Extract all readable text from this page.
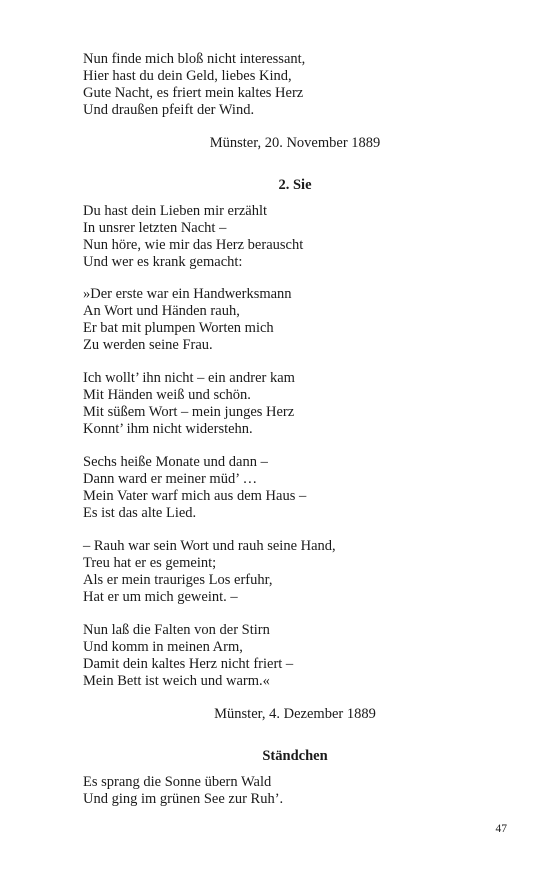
Nun finde mich bloß nicht interessant,
Hier hast du dein Geld, liebes Kind,
Gute Nacht, es friert mein kaltes Herz
Und draußen pfeift der Wind.
Münster, 20. November 1889
2. Sie
Du hast dein Lieben mir erzählt
In unsrer letzten Nacht –
Nun höre, wie mir das Herz berauscht
Und wer es krank gemacht:
»Der erste war ein Handwerksmann
An Wort und Händen rauh,
Er bat mit plumpen Worten mich
Zu werden seine Frau.
Ich wollt’ ihn nicht – ein andrer kam
Mit Händen weiß und schön.
Mit süßem Wort – mein junges Herz
Konnt’ ihm nicht widerstehn.
Sechs heiße Monate und dann –
Dann ward er meiner müd’ …
Mein Vater warf mich aus dem Haus –
Es ist das alte Lied.
– Rauh war sein Wort und rauh seine Hand,
Treu hat er es gemeint;
Als er mein trauriges Los erfuhr,
Hat er um mich geweint. –
Nun laß die Falten von der Stirn
Und komm in meinen Arm,
Damit dein kaltes Herz nicht friert –
Mein Bett ist weich und warm.«
Münster, 4. Dezember 1889
Ständchen
Es sprang die Sonne übern Wald
Und ging im grünen See zur Ruh’.
47
